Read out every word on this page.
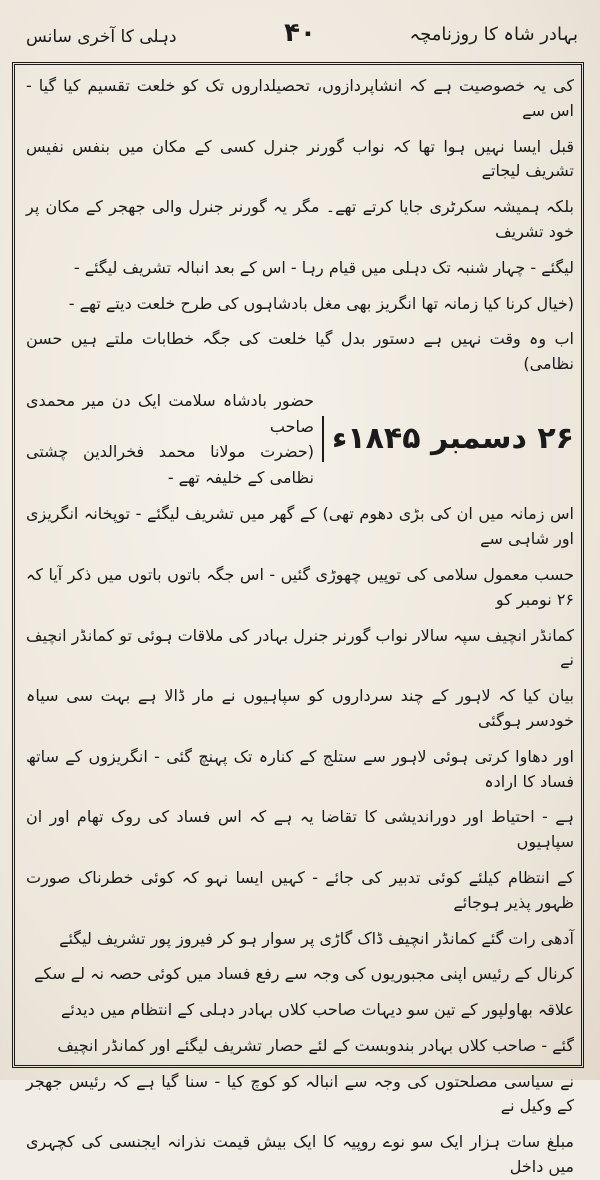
بہادر شاہ کا روزنامچہ
۴۰
دہلی کا آخری سانس

کی یہ خصوصیت ہے کہ انشاپردازوں، تحصیلداروں تک کو خلعت تقسیم کیا گیا - اس سے

قبل ایسا نہیں ہوا تھا کہ نواب گورنر جنرل کسی کے مکان میں بنفس نفیس تشریف لیجاتے

بلکہ ہمیشہ سکرٹری جایا کرتے تھے۔ مگر یہ گورنر جنرل والی جھجر کے مکان پر خود تشریف

لیگئے - چہار شنبہ تک دہلی میں قیام رہا - اس کے بعد انبالہ تشریف لیگئے -

(خیال کرنا کیا زمانہ تھا انگریز بھی مغل بادشاہوں کی طرح خلعت دیتے تھے -

اب وہ وقت نہیں ہے دستور بدل گیا خلعت کی جگہ خطابات ملتے ہیں حسن نظامی)

۲۶ دسمبر ۱۸۴۵ء
حضور بادشاہ سلامت ایک دن میر محمدی صاحب
(حضرت مولانا محمد فخرالدین چشتی نظامی کے خلیفہ تھے -

اس زمانہ میں ان کی بڑی دھوم تھی) کے گھر میں تشریف لیگئے - توپخانہ انگریزی اور شاہی سے

حسب معمول سلامی کی توپیں چھوڑی گئیں - اس جگہ باتوں باتوں میں ذکر آیا کہ ۲۶ نومبر کو

کمانڈر انچیف سپہ سالار نواب گورنر جنرل بہادر کی ملاقات ہوئی تو کمانڈر انچیف نے

بیان کیا کہ لاہور کے چند سرداروں کو سپاہیوں نے مار ڈالا ہے بہت سی سیاہ خودسر ہوگئی

اور دھاوا کرتی ہوئی لاہور سے ستلج کے کنارہ تک پہنچ گئی - انگریزوں کے ساتھ فساد کا ارادہ

ہے - احتیاط اور دوراندیشی کا تقاضا یہ ہے کہ اس فساد کی روک تھام اور ان سپاہیوں

کے انتظام کیلئے کوئی تدبیر کی جائے - کہیں ایسا نہو کہ کوئی خطرناک صورت ظہور پذیر ہوجائے

آدھی رات گئے کمانڈر انچیف ڈاک گاڑی پر سوار ہو کر فیروز پور تشریف لیگئے

کرنال کے رئیس اپنی مجبوریوں کی وجہ سے رفع فساد میں کوئی حصہ نہ لے سکے

علاقہ بھاولپور کے تین سو دیہات صاحب کلاں بہادر دہلی کے انتظام میں دیدئے

گئے - صاحب کلاں بہادر بندوبست کے لئے حصار تشریف لیگئے اور کمانڈر انچیف

نے سیاسی مصلحتوں کی وجہ سے انبالہ کو کوچ کیا - سنا گیا ہے کہ رئیس جھجر کے وکیل نے

مبلغ سات ہزار ایک سو نوے روپیہ کا ایک بیش قیمت نذرانہ ایجنسی کی کچہری میں داخل
